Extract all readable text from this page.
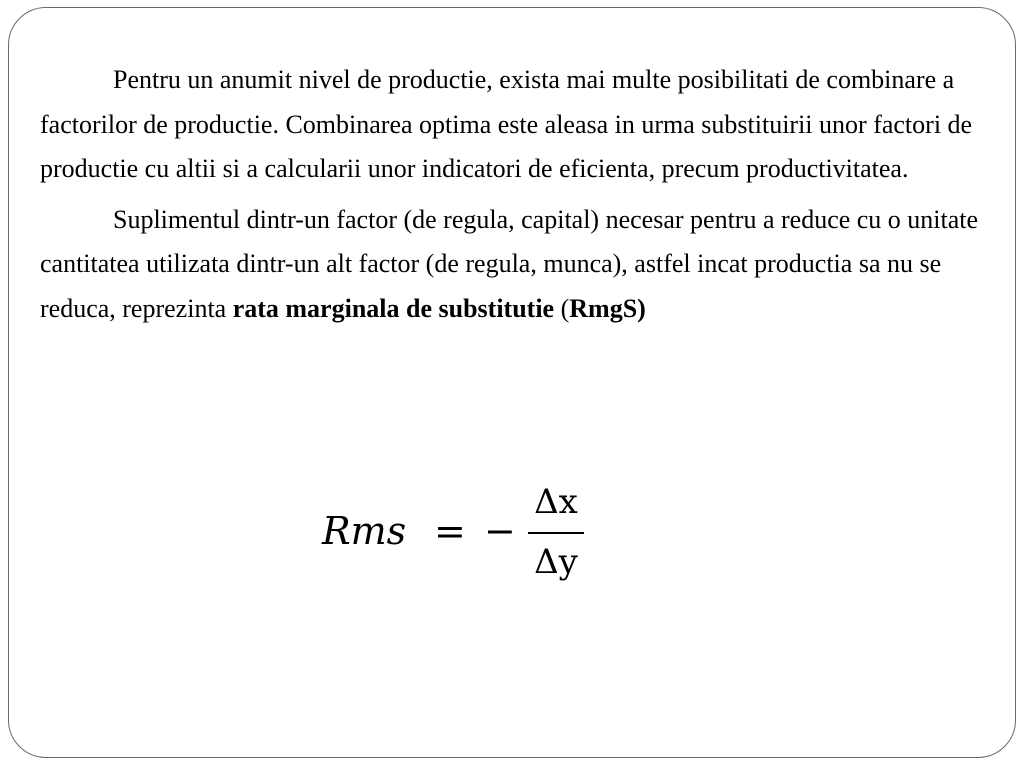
Pentru un anumit nivel de productie, exista mai multe posibilitati de combinare a factorilor de productie. Combinarea optima este aleasa in urma substituirii unor factori de productie cu altii si a calcularii unor indicatori de eficienta, precum productivitatea.

Suplimentul dintr-un factor (de regula, capital) necesar pentru a reduce cu o unitate cantitatea utilizata dintr-un alt factor (de regula, munca), astfel incat productia sa nu se reduca, reprezinta rata marginala de substitutie (RmgS)

Rms = −
Δx
Δy
